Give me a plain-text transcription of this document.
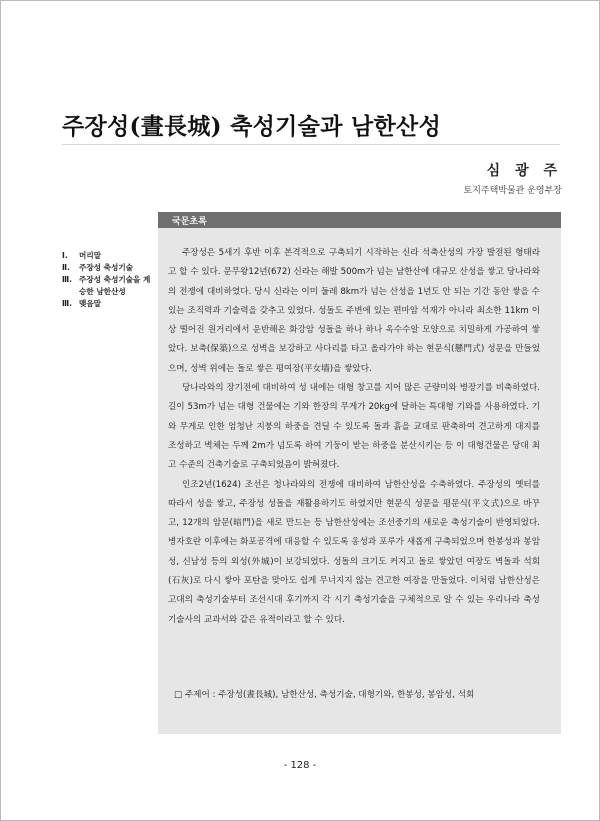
주장성(晝長城) 축성기술과 남한산성
심 광 주
토지주택박물관 운영부장
Ⅰ.	머리말
Ⅱ.	주장성 축성기술
Ⅲ. 주장성 축성기술을 계승한 남한산성
Ⅲ. 맺음말
국문초록

주장성은 5세기 후반 이후 본격적으로 구축되기 시작하는 신라 석축산성의 가장 발전된 형태라고 할 수 있다. 문무왕12년(672) 신라는 해발 500m가 넘는 남한산에 대규모 산성을 쌓고 당나라와의 전쟁에 대비하였다. 당시 신라는 이미 둘레 8km가 넘는 산성을 1년도 안 되는 기간 동안 쌓을 수 있는 조직력과 기술력을 갖추고 있었다. 성돌도 주변에 있는 편마암 석재가 아니라 최소한 11km 이상 떨어진 원거리에서 운반해온 화강암 성돌을 하나 하나 옥수수알 모양으로 치밀하게 가공하여 쌓았다. 보축(保築)으로 성벽을 보강하고 사다리를 타고 올라가야 하는 현문식(懸門式) 성문을 만들었으며, 성벽 위에는 돌로 쌓은 평여장(平女墻)을 쌓았다.

당나라와의 장기전에 대비하여 성 내에는 대형 창고를 지어 많은 군량미와 병장기를 비축하였다. 길이 53m가 넘는 대형 건물에는 기와 한장의 무게가 20kg에 달하는 특대형 기와를 사용하였다. 기와 무게로 인한 엄청난 지붕의 하중을 견딜 수 있도록 돌과 흙을 교대로 판축하여 견고하게 대지를 조성하고 벽체는 두께 2m가 넘도록 하여 기둥이 받는 하중을 분산시키는 등 이 대형건물은 당대 최고 수준의 건축기술로 구축되었음이 밝혀졌다.

인조2년(1624) 조선은 청나라와의 전쟁에 대비하여 남한산성을 수축하였다. 주장성의 옛터를 따라서 성을 쌓고, 주장성 성돌을 재활용하기도 하였지만 현문식 성문을 평문식(平文式)으로 바꾸고, 12개의 암문(暗門)을 새로 만드는 등 남한산성에는 조선중기의 새로운 축성기술이 반영되었다. 병자호란 이후에는 화포공격에 대응할 수 있도록 옹성과 포루가 새롭게 구축되었으며 한봉성과 봉암성, 신남성 등의 외성(外城)이 보강되었다. 성돌의 크기도 커지고 돌로 쌓았던 여장도 벽돌과 석회(石灰)로 다시 쌓아 포탄을 맞아도 쉽게 무너지지 않는 견고한 여장을 만들었다. 이처럼 남한산성은 고대의 축성기술부터 조선시대 후기까지 각 시기 축성기술을 구체적으로 알 수 있는 우리나라 축성기술사의 교과서와 같은 유적이라고 할 수 있다.

□ 주제어 : 주장성(晝長城), 남한산성, 축성기술, 대형기와, 한봉성, 봉암성, 석회
- 128 -
